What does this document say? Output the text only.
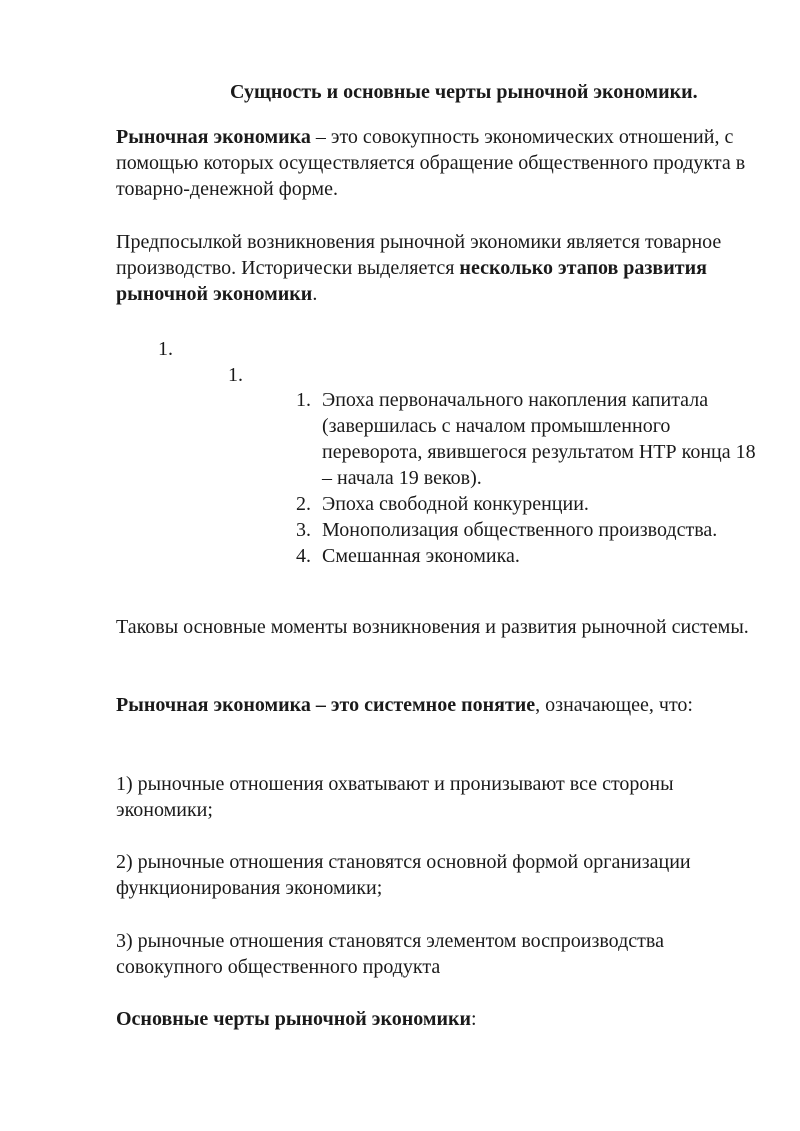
Сущность и основные черты рыночной экономики.
Рыночная экономика – это совокупность экономических отношений, с помощью которых осуществляется обращение общественного продукта в товарно-денежной форме.
Предпосылкой возникновения рыночной экономики является товарное производство. Исторически выделяется несколько этапов развития рыночной экономики.
1.
1.
1. Эпоха первоначального накопления капитала (завершилась с началом промышленного переворота, явившегося результатом НТР конца 18 – начала 19 веков).
2. Эпоха свободной конкуренции.
3. Монополизация общественного производства.
4. Смешанная экономика.
Таковы основные моменты возникновения и развития рыночной системы.
Рыночная экономика – это системное понятие, означающее, что:
1) рыночные отношения охватывают и пронизывают все стороны экономики;
2) рыночные отношения становятся основной формой организации функционирования экономики;
3) рыночные отношения становятся элементом воспроизводства совокупного общественного продукта
Основные черты рыночной экономики:
